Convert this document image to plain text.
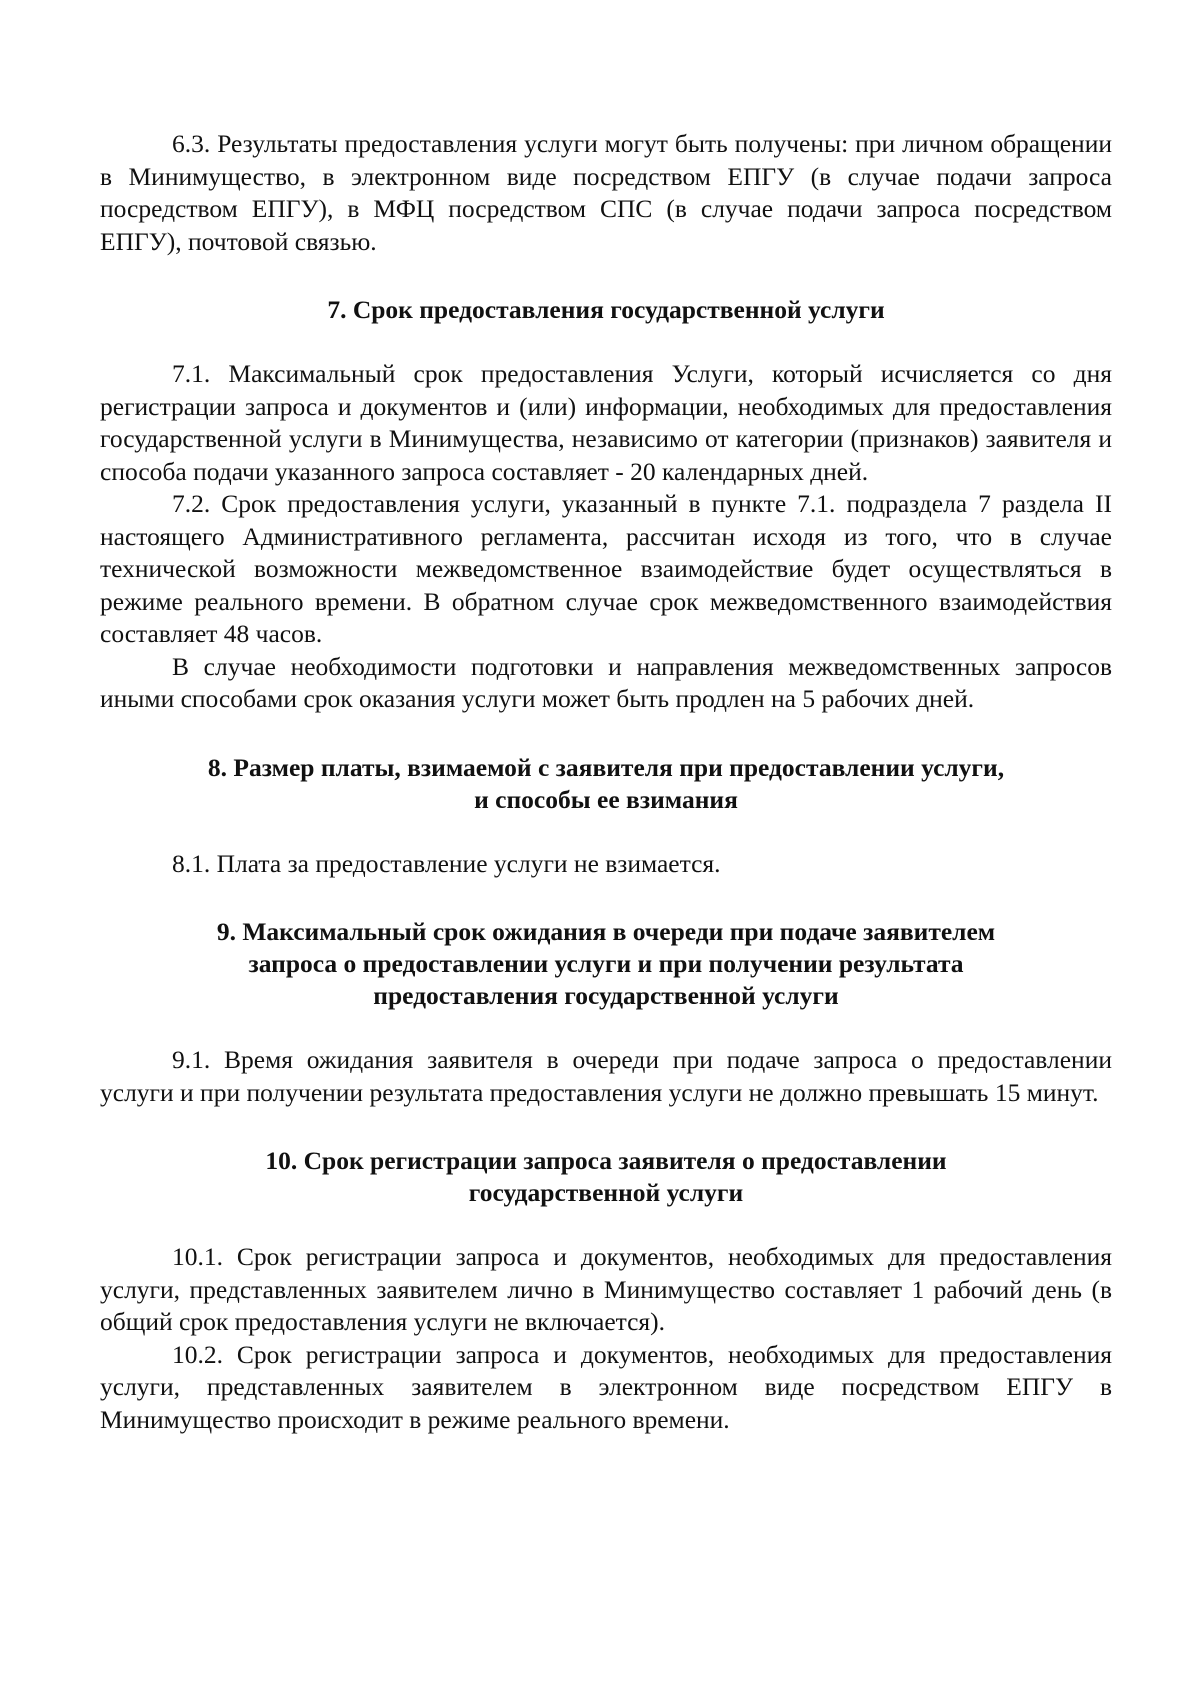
6.3. Результаты предоставления услуги могут быть получены: при личном обращении в Минимущество, в электронном виде посредством ЕПГУ (в случае подачи запроса посредством ЕПГУ), в МФЦ посредством СПС (в случае подачи запроса посредством ЕПГУ), почтовой связью.

7. Срок предоставления государственной услуги

7.1. Максимальный срок предоставления Услуги, который исчисляется со дня регистрации запроса и документов и (или) информации, необходимых для предоставления государственной услуги в Минимущества, независимо от категории (признаков) заявителя и способа подачи указанного запроса составляет - 20 календарных дней.

7.2. Срок предоставления услуги, указанный в пункте 7.1. подраздела 7 раздела II настоящего Административного регламента, рассчитан исходя из того, что в случае технической возможности межведомственное взаимодействие будет осуществляться в режиме реального времени. В обратном случае срок межведомственного взаимодействия составляет 48 часов.

В случае необходимости подготовки и направления межведомственных запросов иными способами срок оказания услуги может быть продлен на 5 рабочих дней.

8. Размер платы, взимаемой с заявителя при предоставлении услуги,
и способы ее взимания

8.1. Плата за предоставление услуги не взимается.

9. Максимальный срок ожидания в очереди при подаче заявителем
запроса о предоставлении услуги и при получении результата
предоставления государственной услуги

9.1. Время ожидания заявителя в очереди при подаче запроса о предоставлении услуги и при получении результата предоставления услуги не должно превышать 15 минут.

10. Срок регистрации запроса заявителя о предоставлении
государственной услуги

10.1. Срок регистрации запроса и документов, необходимых для предоставления услуги, представленных заявителем лично в Минимущество составляет 1 рабочий день (в общий срок предоставления услуги не включается).

10.2. Срок регистрации запроса и документов, необходимых для предоставления услуги, представленных заявителем в электронном виде посредством ЕПГУ в Минимущество происходит в режиме реального времени.
